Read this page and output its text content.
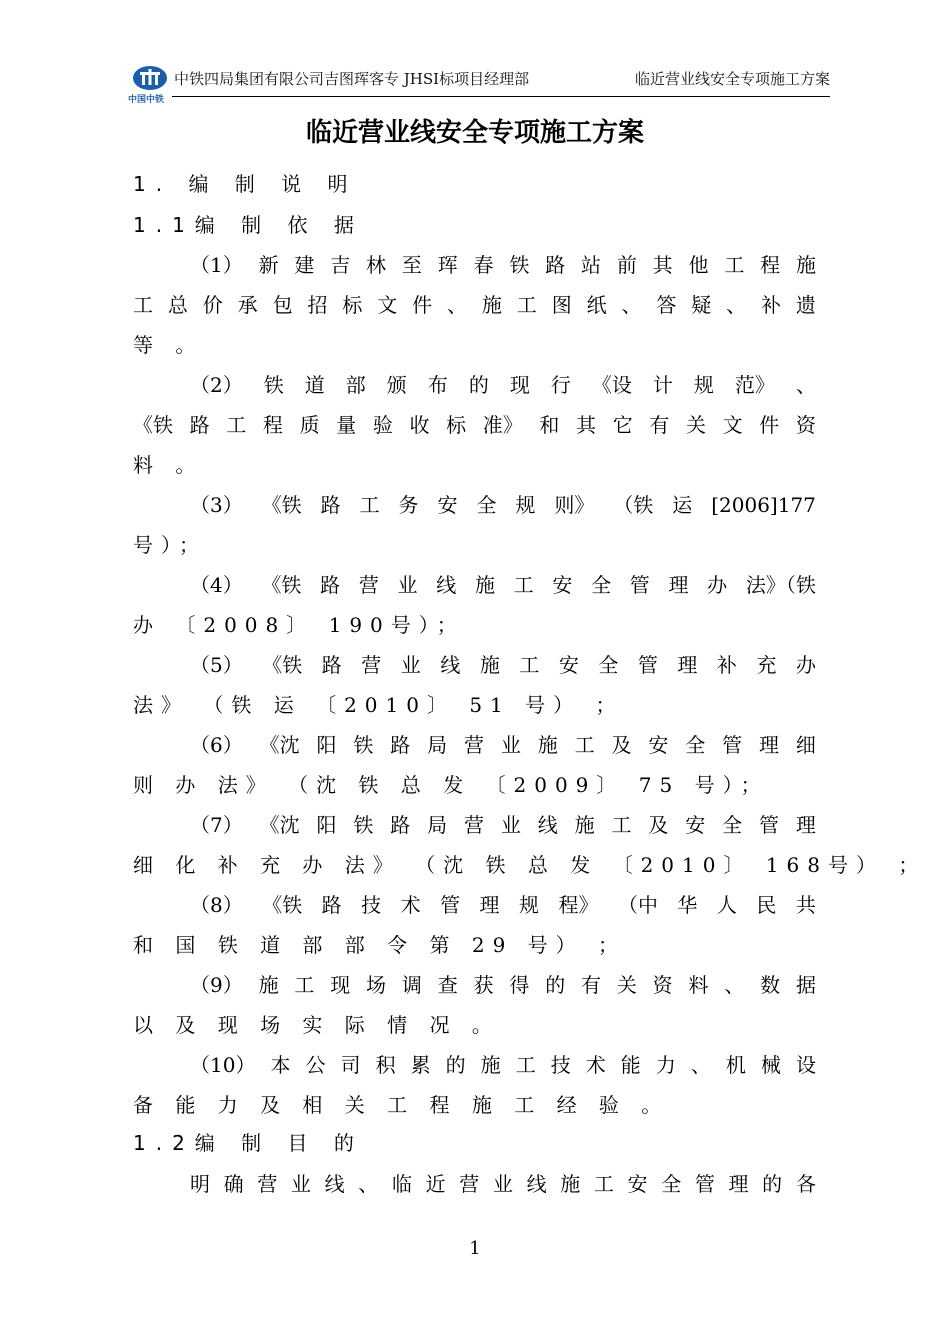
中国中铁
中铁四局集团有限公司吉图珲客专 JHSⅠ标项目经理部	临近营业线安全专项施工方案
临近营业线安全专项施工方案
1. 编 制 说 明
1.1编 制 依 据
（1） 新 建 吉 林 至 珲 春 铁 路 站 前 其 他 工 程 施
工 总 价 承 包 招 标 文 件 、 施 工 图 纸 、 答 疑 、 补 遗
等 。
（2） 铁 道 部 颁 布 的 现 行 《设 计 规 范》 、
《铁 路 工 程 质 量 验 收 标 准》 和 其 它 有 关 文 件 资
料 。
（3） 《铁 路 工 务 安 全 规 则》 （铁 运 [2006]177
号）；
（4） 《铁 路 营 业 线 施 工 安 全 管 理 办 法》（铁
办 〔2008〕 190号）；
（5） 《铁 路 营 业 线 施 工 安 全 管 理 补 充 办
法》 （铁 运 〔2010〕 51 号） ；
（6） 《沈 阳 铁 路 局 营 业 施 工 及 安 全 管 理 细
则 办 法》 （沈 铁 总 发 〔2009〕 75 号）；
（7） 《沈 阳 铁 路 局 营 业 线 施 工 及 安 全 管 理
细 化 补 充 办 法》 （沈 铁 总 发 〔2010〕 168号） ；
（8） 《铁 路 技 术 管 理 规 程》 （中 华 人 民 共
和 国 铁 道 部 部 令 第 29 号） ；
（9） 施 工 现 场 调 查 获 得 的 有 关 资 料 、 数 据
以 及 现 场 实 际 情 况 。
（10） 本 公 司 积 累 的 施 工 技 术 能 力 、 机 械 设
备 能 力 及 相 关 工 程 施 工 经 验 。
1.2编 制 目 的
明 确 营 业 线 、 临 近 营 业 线 施 工 安 全 管 理 的 各
1
